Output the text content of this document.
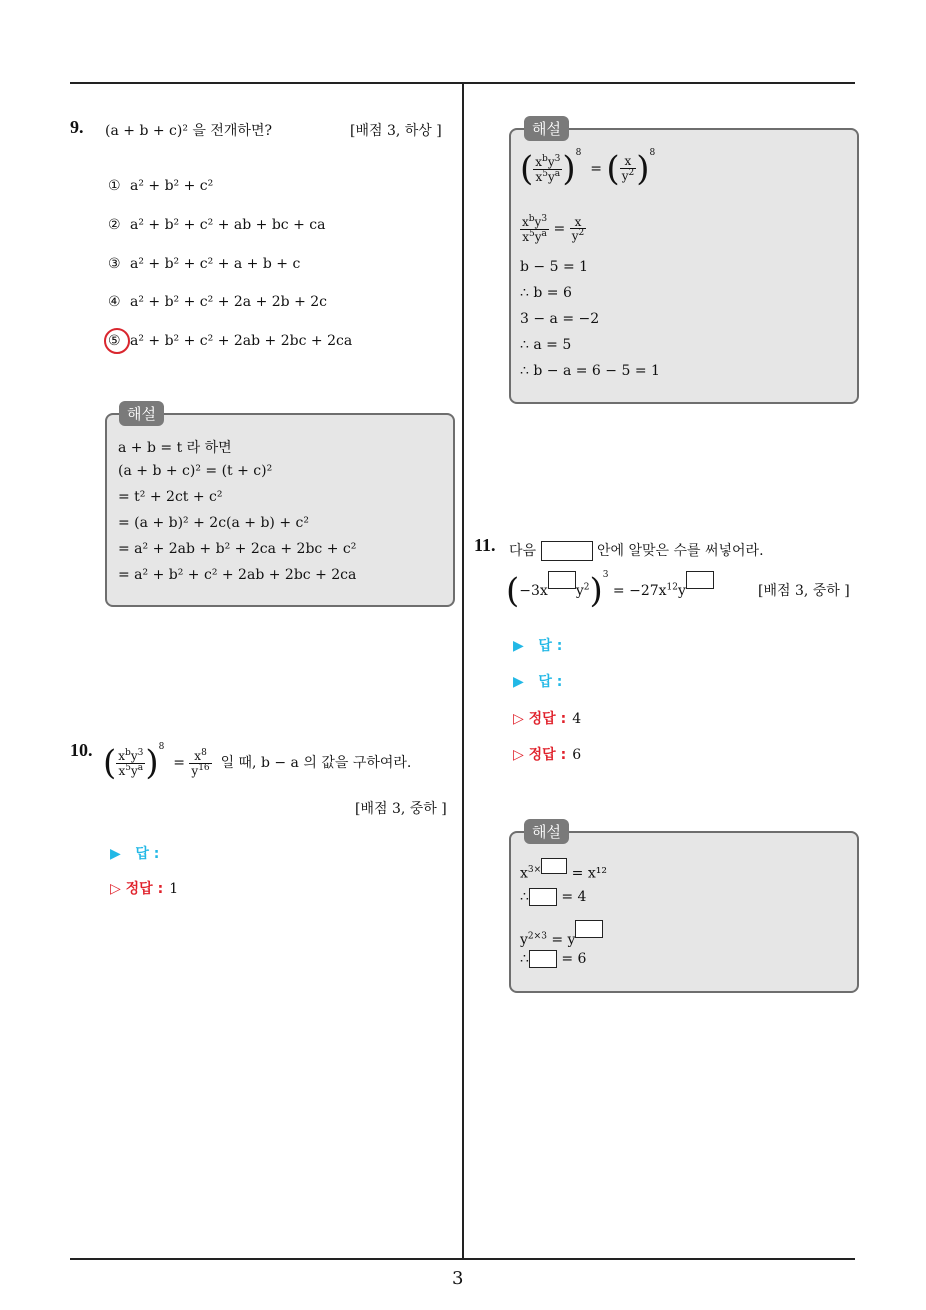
9. (a + b + c)² 을 전개하면?	[배점 3, 하상 ]
① a² + b² + c²
② a² + b² + c² + ab + bc + ca
③ a² + b² + c² + a + b + c
④ a² + b² + c² + 2a + 2b + 2c
⑤ a² + b² + c² + 2ab + 2bc + 2ca
해설
a + b = t 라 하면
(a + b + c)² = (t + c)²
= t² + 2ct + c²
= (a + b)² + 2c(a + b) + c²
= a² + 2ab + b² + 2ca + 2bc + c²
= a² + b² + c² + 2ab + 2bc + 2ca
10. ( $\frac{x^by^3}{x^5y^a} )^8 = \frac{x^8}{y^{16}}$ 일 때, b − a 의 값을 구하여라.
[배점 3, 중하 ]
▶ 답 :
▷ 정답 : 1
해설
( $\frac{x^by^3}{x^5y^a} )^8$  = ( $\frac{x}{y^2} )^8$
$\frac{x^by^3}{x^5y^a} = \frac{x}{y^2}$
b − 5 = 1
∴ b = 6
3 − a = −2
∴ a = 5
∴ b − a = 6 − 5 = 1
11. 다음	안에 알맞은 수를 써넣어라.
(−3x $y^2)^3 = -27x^{12}y$	[배점 3, 중하 ]
▶ 답 :
▶ 답 :
▷ 정답 : 4
▷ 정답 : 6
해설
$x^{3\times} = x^{12}$
∴ = 4
$y^{2\times 3} = y$
∴ = 6
3
